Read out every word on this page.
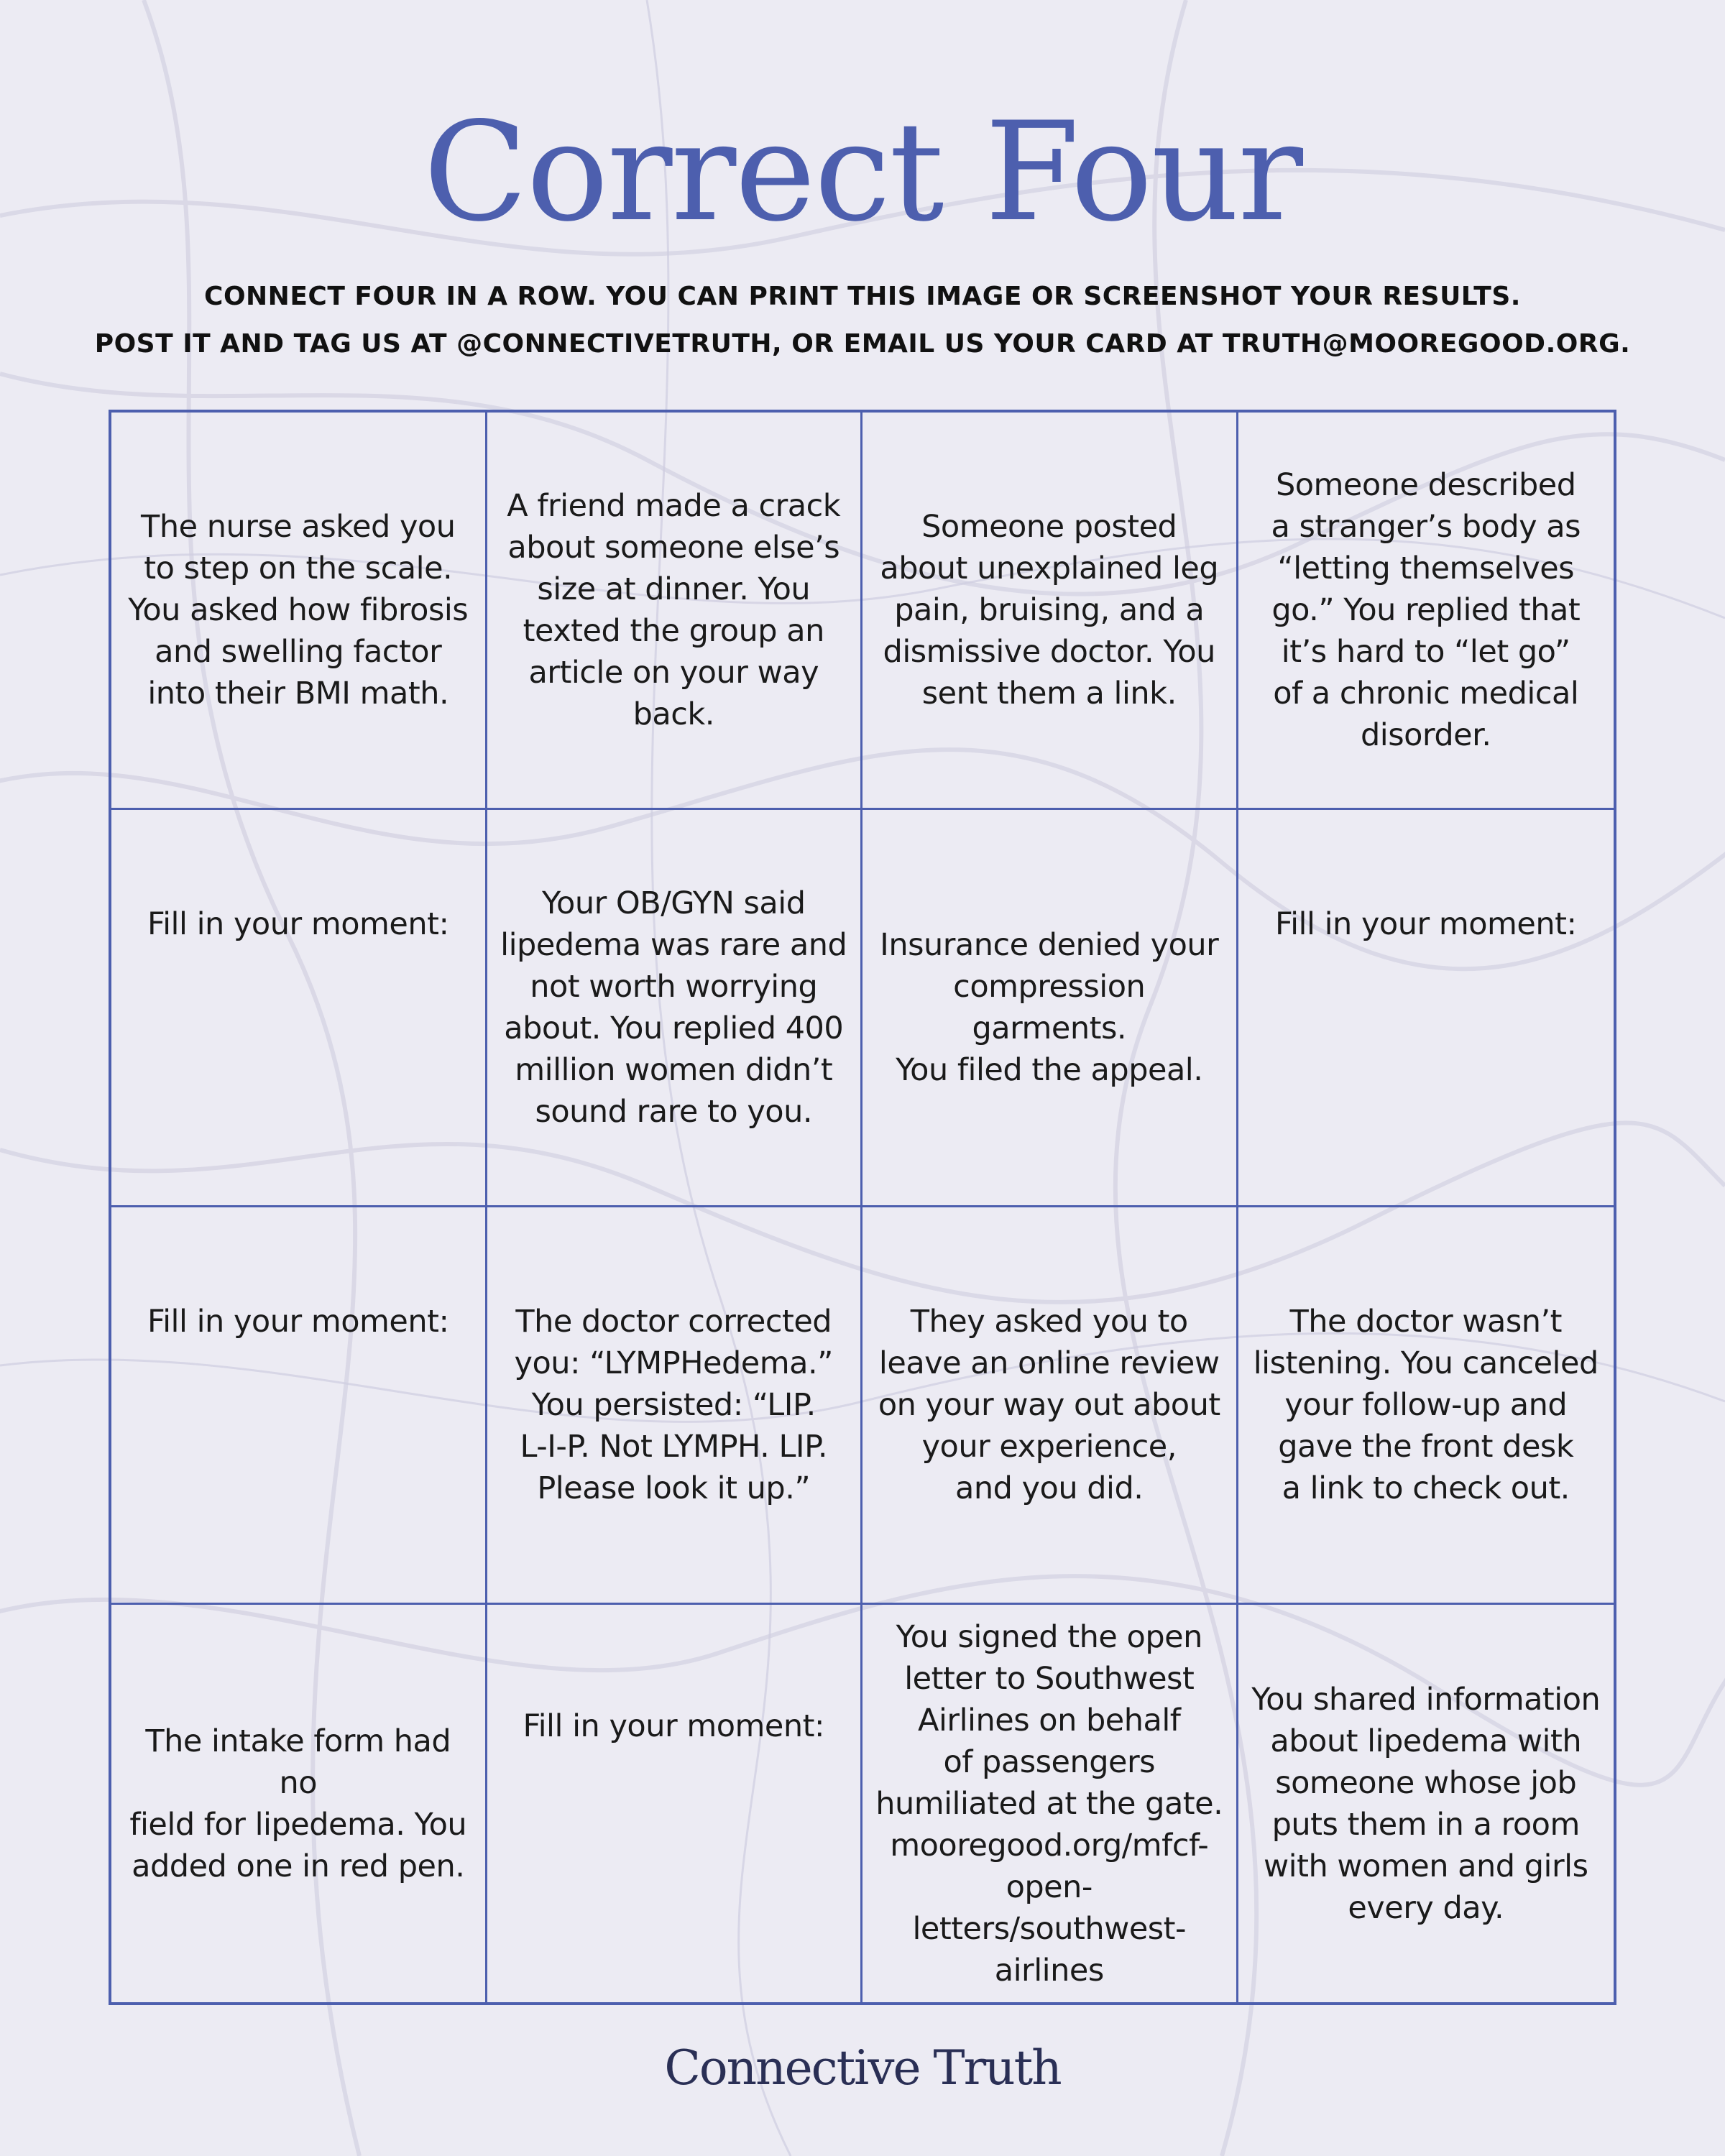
Correct Four
CONNECT FOUR IN A ROW. YOU CAN PRINT THIS IMAGE OR SCREENSHOT YOUR RESULTS.
POST IT AND TAG US AT @CONNECTIVETRUTH, OR EMAIL US YOUR CARD AT TRUTH@MOOREGOOD.ORG.
The nurse asked you
to step on the scale.
You asked how fibrosis
and swelling factor
into their BMI math.
A friend made a crack
about someone else’s
size at dinner. You
texted the group an
article on your way back.
Someone posted
about unexplained leg
pain, bruising, and a
dismissive doctor. You
sent them a link.
Someone described
a stranger’s body as
“letting themselves
go.” You replied that
it’s hard to “let go”
of a chronic medical
disorder.
Fill in your moment:
Your OB/GYN said
lipedema was rare and
not worth worrying
about. You replied 400
million women didn’t
sound rare to you.
Insurance denied your
compression garments.
You filed the appeal.
Fill in your moment:
Fill in your moment: The doctor corrected
you: “LYMPHedema.”
You persisted: “LIP.
L-I-P. Not LYMPH. LIP.
Please look it up.”
They asked you to
leave an online review
on your way out about
your experience,
and you did.
The doctor wasn’t
listening. You canceled
your follow-up and
gave the front desk
a link to check out.
The intake form had no
field for lipedema. You
added one in red pen.
Fill in your moment:
You signed the open
letter to Southwest
Airlines on behalf
of passengers
humiliated at the gate.
mooregood.org/mfcf-
open-letters/southwest-
airlines
You shared information
about lipedema with
someone whose job
puts them in a room
with women and girls
every day.
Connective Truth
